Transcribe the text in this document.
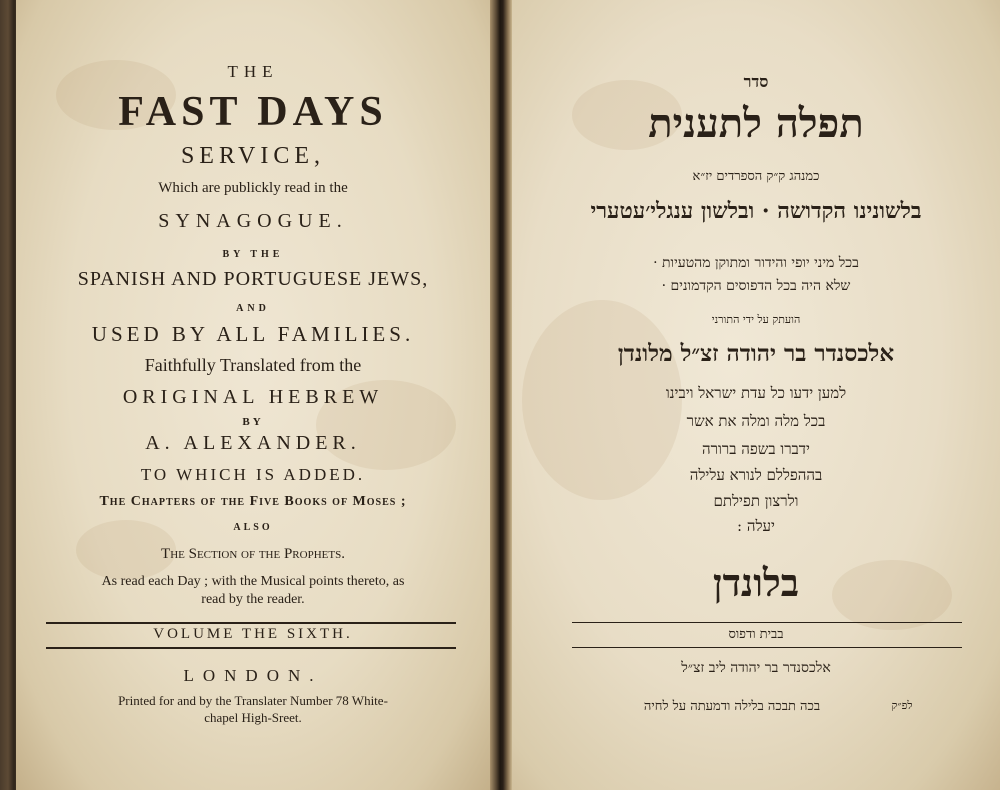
THE
FAST DAYS
SERVICE,
Which are publickly read in the
SYNAGOGUE.
BY THE
SPANISH AND PORTUGUESE JEWS,
AND
USED BY ALL FAMILIES.
Faithfully Translated from the
ORIGINAL HEBREW
BY
A. ALEXANDER.
TO WHICH IS ADDED.
The Chapters of the Five Books of Moses ;
ALSO
The Section of the Prophets.
As read each Day ; with the Musical points thereto, as
read by the reader.
VOLUME THE SIXTH.
LONDON.
Printed for and by the Translater Number 78 White-
chapel High-Sreet.
סדר
תפלה לתענית
כמנהג ק״ק הספרדים יז״א
בלשונינו הקדושה · ובלשון ענגלי׳עטערי
בכל מיני יופי והידור ומתוקן מהטעיות ·
שלא היה בכל הדפוסים הקדמונים ·
הועתק על ידי התורני
אלכסנדר בר יהודה זצ״ל מלונדן
למען ידעו כל עדת ישראל ויבינו
בכל מלה ומלה את אשר
ידברו בשפה ברורה
בההפללם לנורא עלילה
ולרצון תפילתם
יעלה :
בלונדן
בבית ודפוס
אלכסנדר בר יהודה ליב זצ״ל
בכה תבכה בלילה ודמעתה על לחיה	לפ״ק
